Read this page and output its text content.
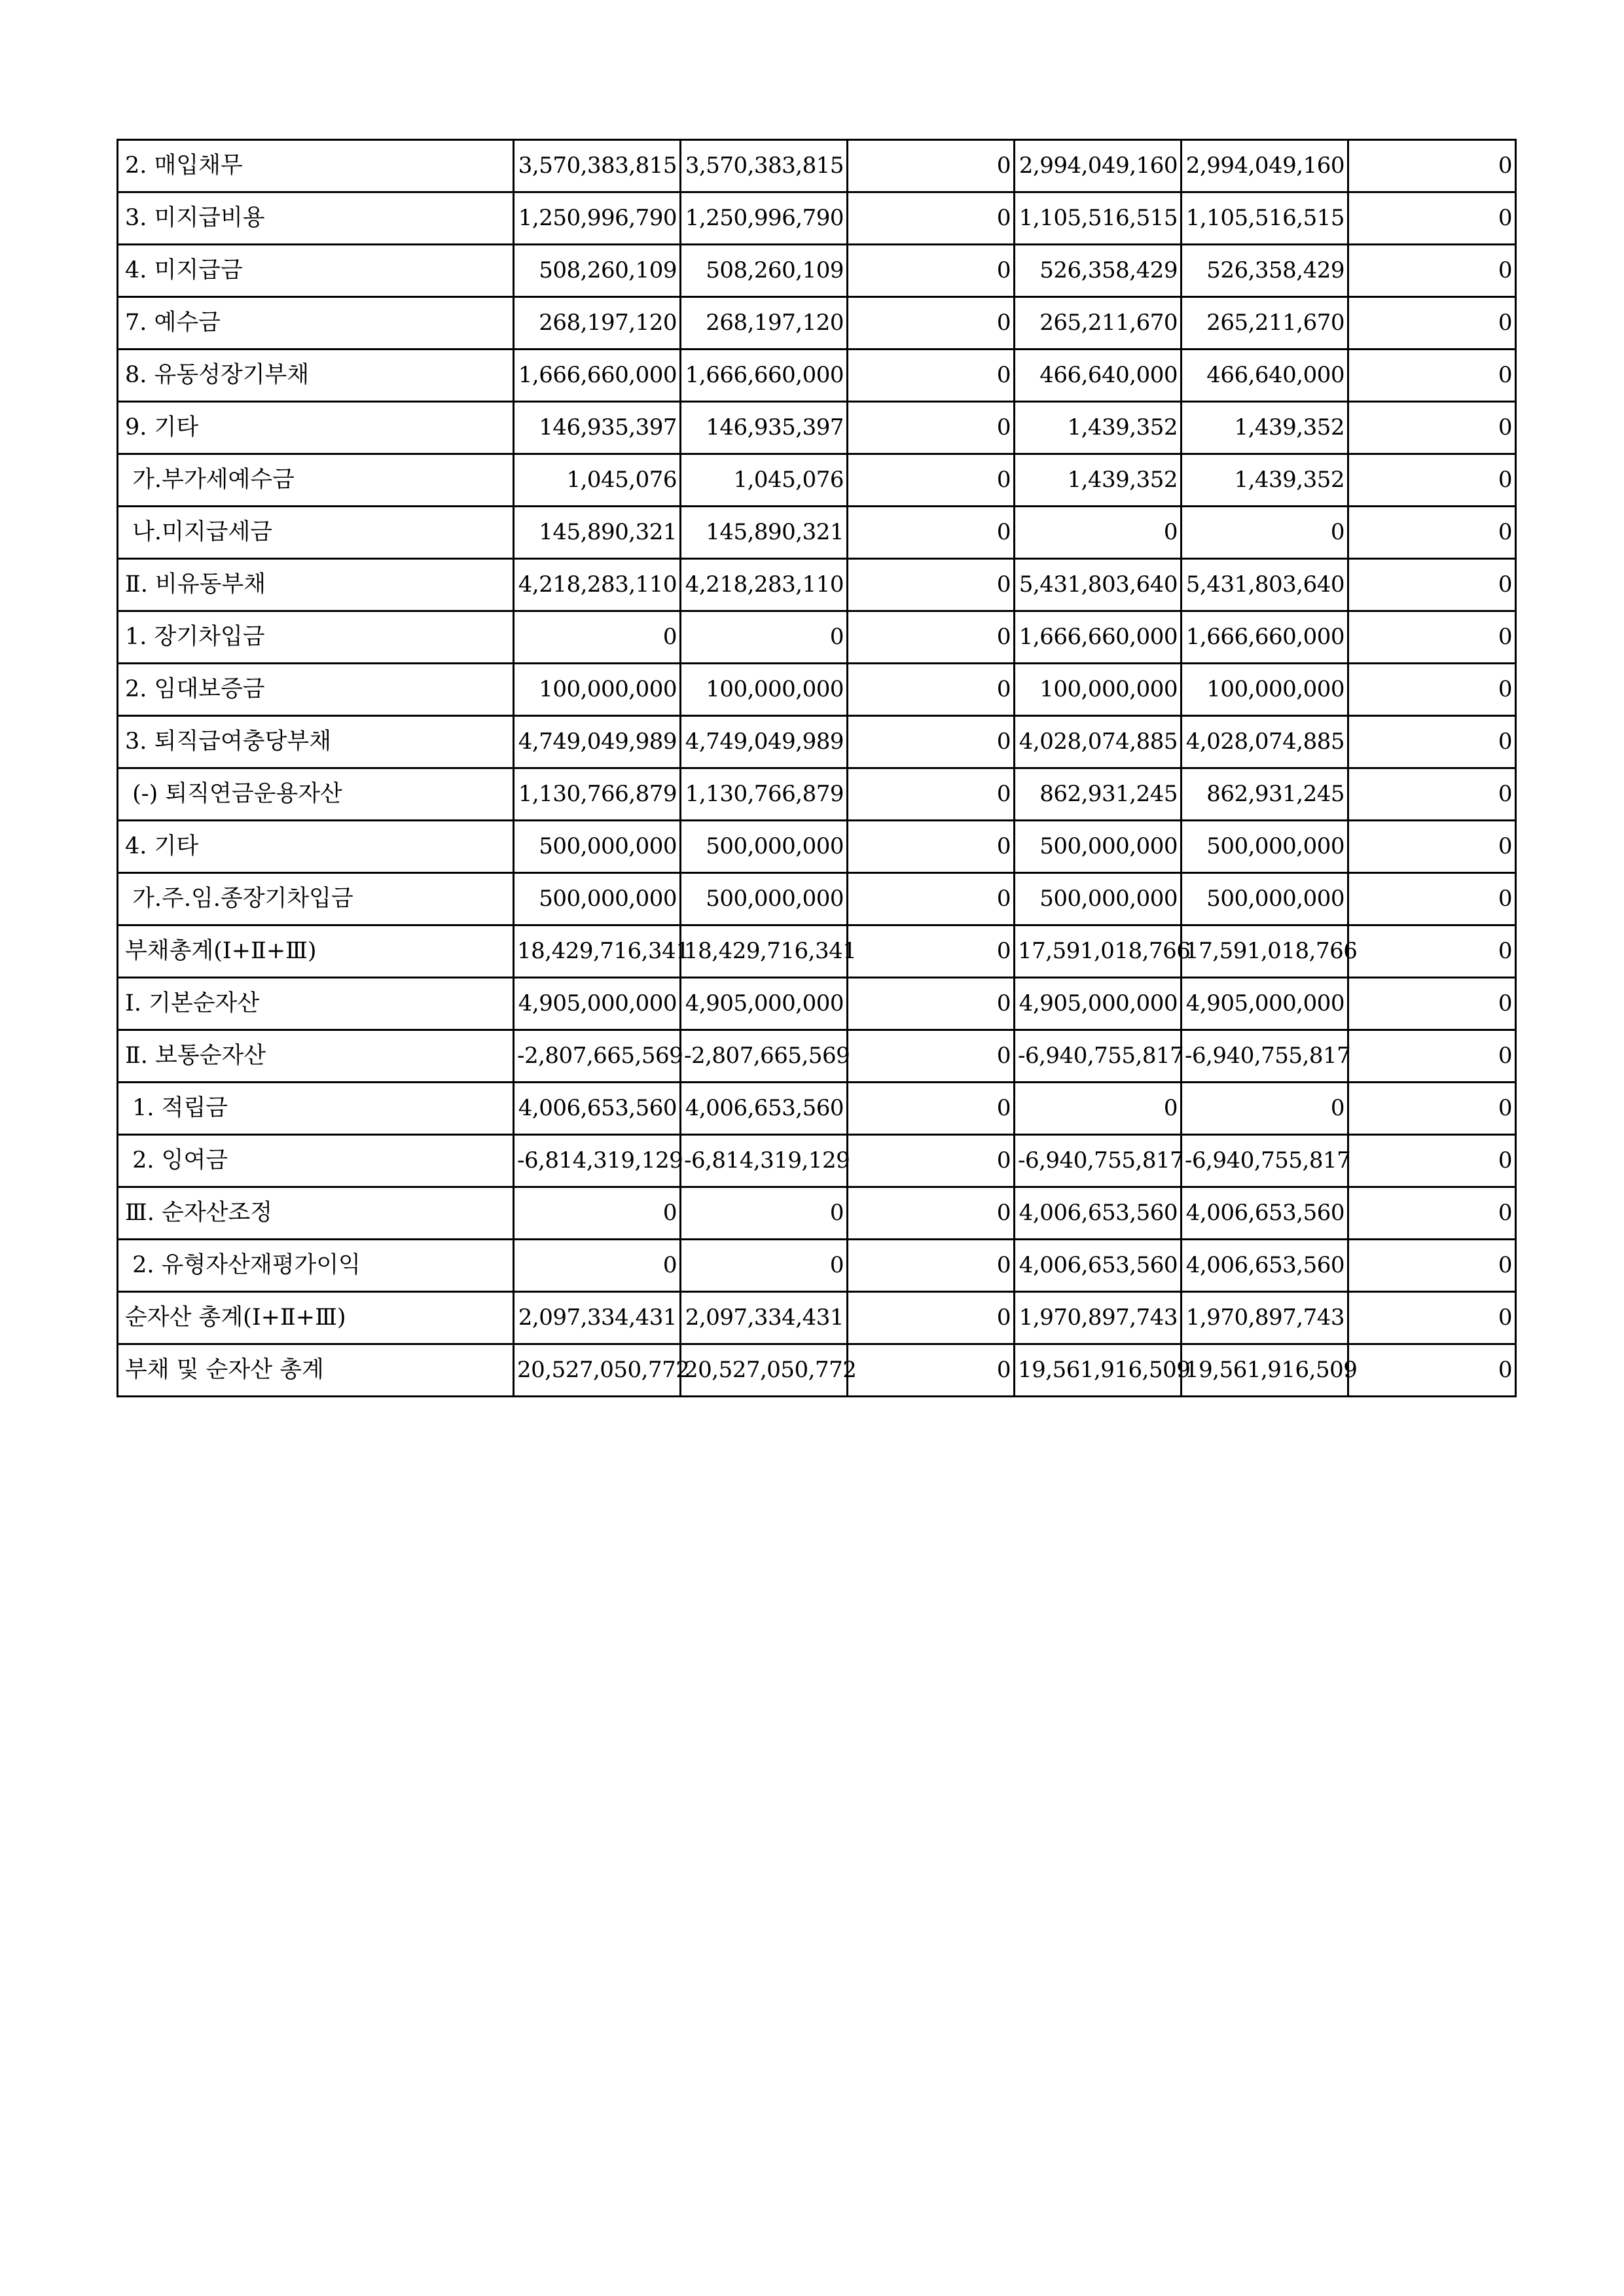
2. 매입채무	3,570,383,815	3,570,383,815	0	2,994,049,160	2,994,049,160	0
3. 미지급비용	1,250,996,790	1,250,996,790	0	1,105,516,515	1,105,516,515	0
4. 미지급금	508,260,109	508,260,109	0	526,358,429	526,358,429	0
7. 예수금	268,197,120	268,197,120	0	265,211,670	265,211,670	0
8. 유동성장기부채	1,666,660,000	1,666,660,000	0	466,640,000	466,640,000	0
9. 기타	146,935,397	146,935,397	0	1,439,352	1,439,352	0
가.부가세예수금	1,045,076	1,045,076	0	1,439,352	1,439,352	0
나.미지급세금	145,890,321	145,890,321	0	0	0	0
Ⅱ. 비유동부채	4,218,283,110	4,218,283,110	0	5,431,803,640	5,431,803,640	0
1. 장기차입금	0	0	0	1,666,660,000	1,666,660,000	0
2. 임대보증금	100,000,000	100,000,000	0	100,000,000	100,000,000	0
3. 퇴직급여충당부채	4,749,049,989	4,749,049,989	0	4,028,074,885	4,028,074,885	0
(-) 퇴직연금운용자산	1,130,766,879	1,130,766,879	0	862,931,245	862,931,245	0
4. 기타	500,000,000	500,000,000	0	500,000,000	500,000,000	0
가.주.임.종장기차입금	500,000,000	500,000,000	0	500,000,000	500,000,000	0
부채총계(Ⅰ+Ⅱ+Ⅲ)	18,429,716,341	18,429,716,341	0	17,591,018,766	17,591,018,766	0
Ⅰ. 기본순자산	4,905,000,000	4,905,000,000	0	4,905,000,000	4,905,000,000	0
Ⅱ. 보통순자산	-2,807,665,569	-2,807,665,569	0	-6,940,755,817	-6,940,755,817	0
1. 적립금	4,006,653,560	4,006,653,560	0	0	0	0
2. 잉여금	-6,814,319,129	-6,814,319,129	0	-6,940,755,817	-6,940,755,817	0
Ⅲ. 순자산조정	0	0	0	4,006,653,560	4,006,653,560	0
2. 유형자산재평가이익	0	0	0	4,006,653,560	4,006,653,560	0
순자산 총계(Ⅰ+Ⅱ+Ⅲ)	2,097,334,431	2,097,334,431	0	1,970,897,743	1,970,897,743	0
부채 및 순자산 총계	20,527,050,772	20,527,050,772	0	19,561,916,509	19,561,916,509	0
